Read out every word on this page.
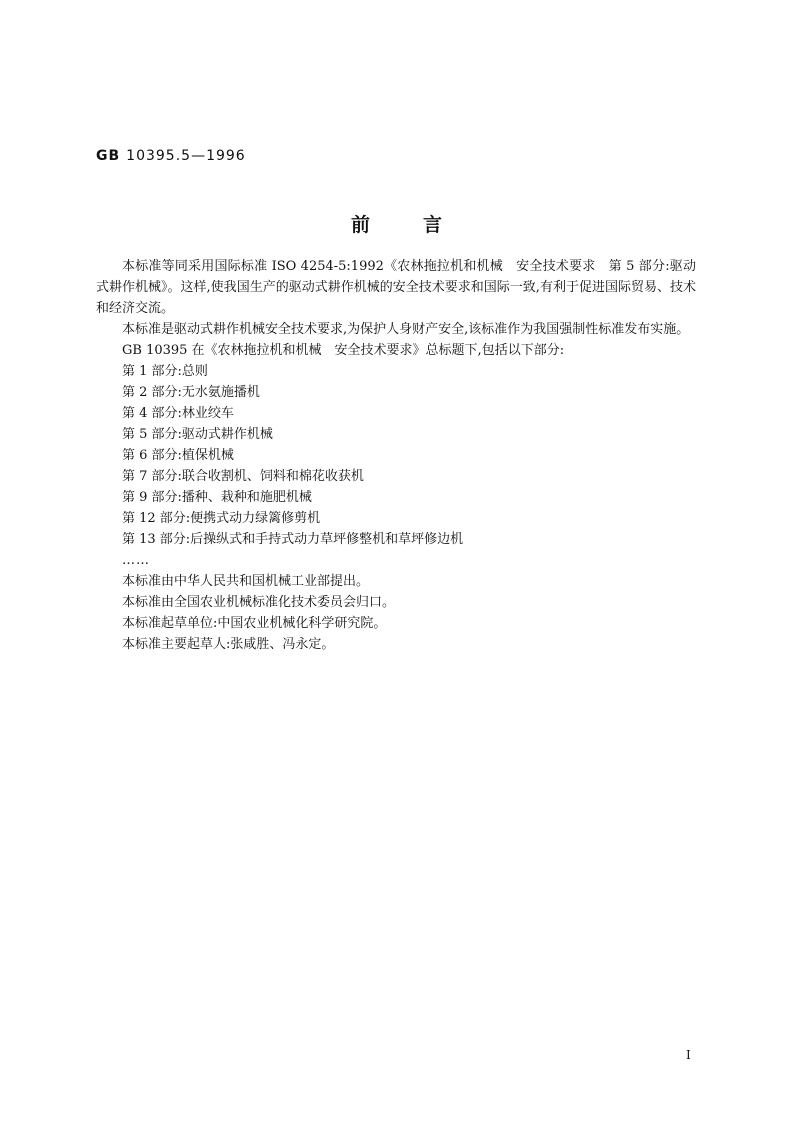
GB 10395.5—1996
前	言

本标准等同采用国际标准 ISO 4254-5:1992《农林拖拉机和机械　安全技术要求　第 5 部分:驱动式耕作机械》。这样,使我国生产的驱动式耕作机械的安全技术要求和国际一致,有利于促进国际贸易、技术和经济交流。

本标准是驱动式耕作机械安全技术要求,为保护人身财产安全,该标准作为我国强制性标准发布实施。

GB 10395 在《农林拖拉机和机械　安全技术要求》总标题下,包括以下部分:

第 1 部分:总则

第 2 部分:无水氨施播机

第 4 部分:林业绞车

第 5 部分:驱动式耕作机械

第 6 部分:植保机械

第 7 部分:联合收割机、饲料和棉花收获机

第 9 部分:播种、栽种和施肥机械

第 12 部分:便携式动力绿篱修剪机

第 13 部分:后操纵式和手持式动力草坪修整机和草坪修边机

……

本标准由中华人民共和国机械工业部提出。

本标准由全国农业机械标准化技术委员会归口。

本标准起草单位:中国农业机械化科学研究院。

本标准主要起草人:张咸胜、冯永定。

I
